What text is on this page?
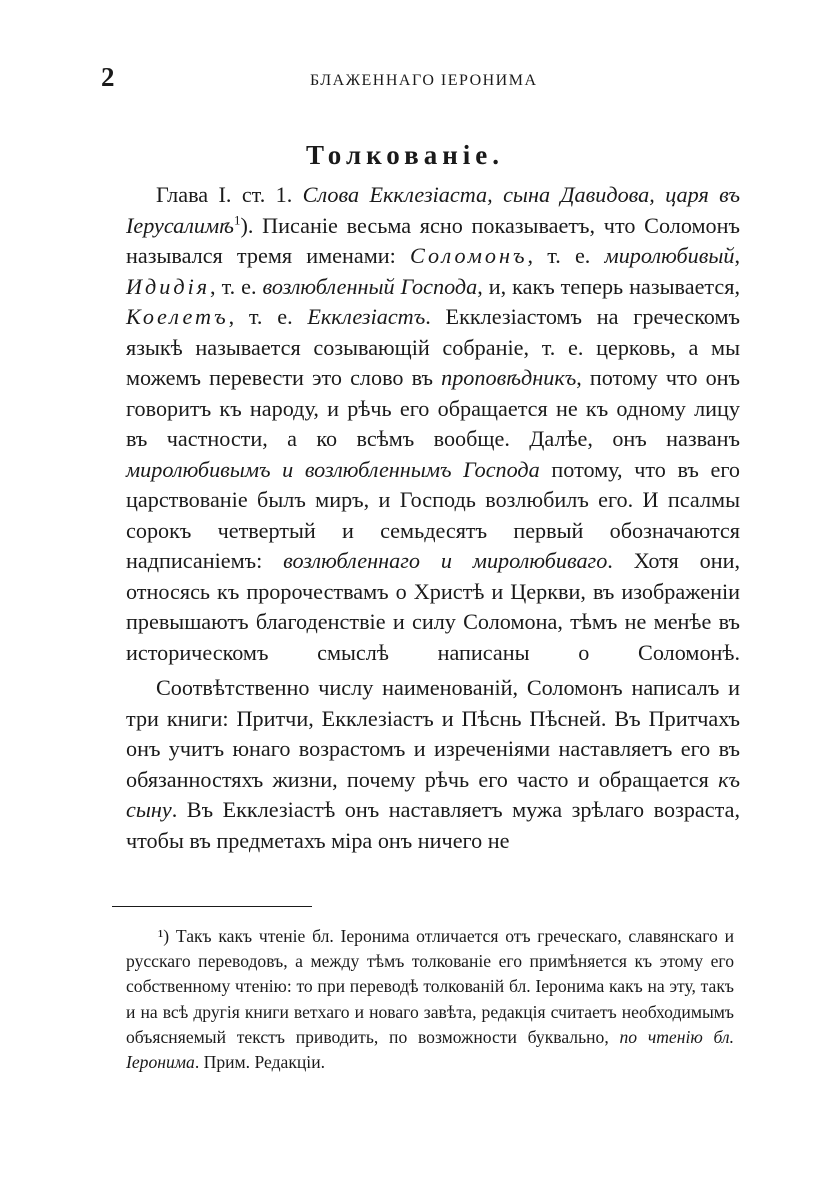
2	БЛАЖЕННАГО ІЕРОНИМА
Толкованіе.

Глава I. ст. 1. Слова Екклезіаста, сына Давидова, царя въ Іерусалимѣ$^1$). Писаніе весьма ясно показываетъ, что Соломонъ назывался тремя именами: Соломонъ, т. е. миролюбивый, Идидія, т. е. возлюбленный Господа, и, какъ теперь называется, Коелетъ, т. е. Екклезіастъ. Екклезіастомъ на греческомъ языкѣ называется созывающій собраніе, т. е. церковь, а мы можемъ перевести это слово въ проповѣдникъ, потому что онъ говоритъ къ народу, и рѣчь его обращается не къ одному лицу въ частности, а ко всѣмъ вообще. Далѣе, онъ названъ миролюбивымъ и возлюбленнымъ Господа потому, что въ его царствованіе былъ миръ, и Господь возлюбилъ его. И псалмы сорокъ четвертый и семьдесятъ первый обозначаются надписаніемъ: возлюбленнаго и миролюбиваго. Хотя они, относясь къ пророчествамъ о Христѣ и Церкви, въ изображеніи превышаютъ благоденствіе и силу Соломона, тѣмъ не менѣе въ историческомъ смыслѣ написаны о Соломонѣ.

Соотвѣтственно числу наименованій, Соломонъ написалъ и три книги: Притчи, Екклезіастъ и Пѣснь Пѣсней. Въ Притчахъ онъ учитъ юнаго возрастомъ и изреченіями наставляетъ его въ обязанностяхъ жизни, почему рѣчь его часто и обращается къ сыну. Въ Екклезіастѣ онъ наставляетъ мужа зрѣлаго возраста, чтобы въ предметахъ міра онъ ничего не

¹) Такъ какъ чтеніе бл. Іеронима отличается отъ греческаго, славянскаго и русскаго переводовъ, а между тѣмъ толкованіе его примѣняется къ этому его собственному чтенію: то при переводѣ толкованій бл. Іеронима какъ на эту, такъ и на всѣ другія книги ветхаго и новаго завѣта, редакція считаетъ необходимымъ объясняемый текстъ приводить, по возможности буквально, по чтенію бл. Іеронима. Прим. Редакціи.
